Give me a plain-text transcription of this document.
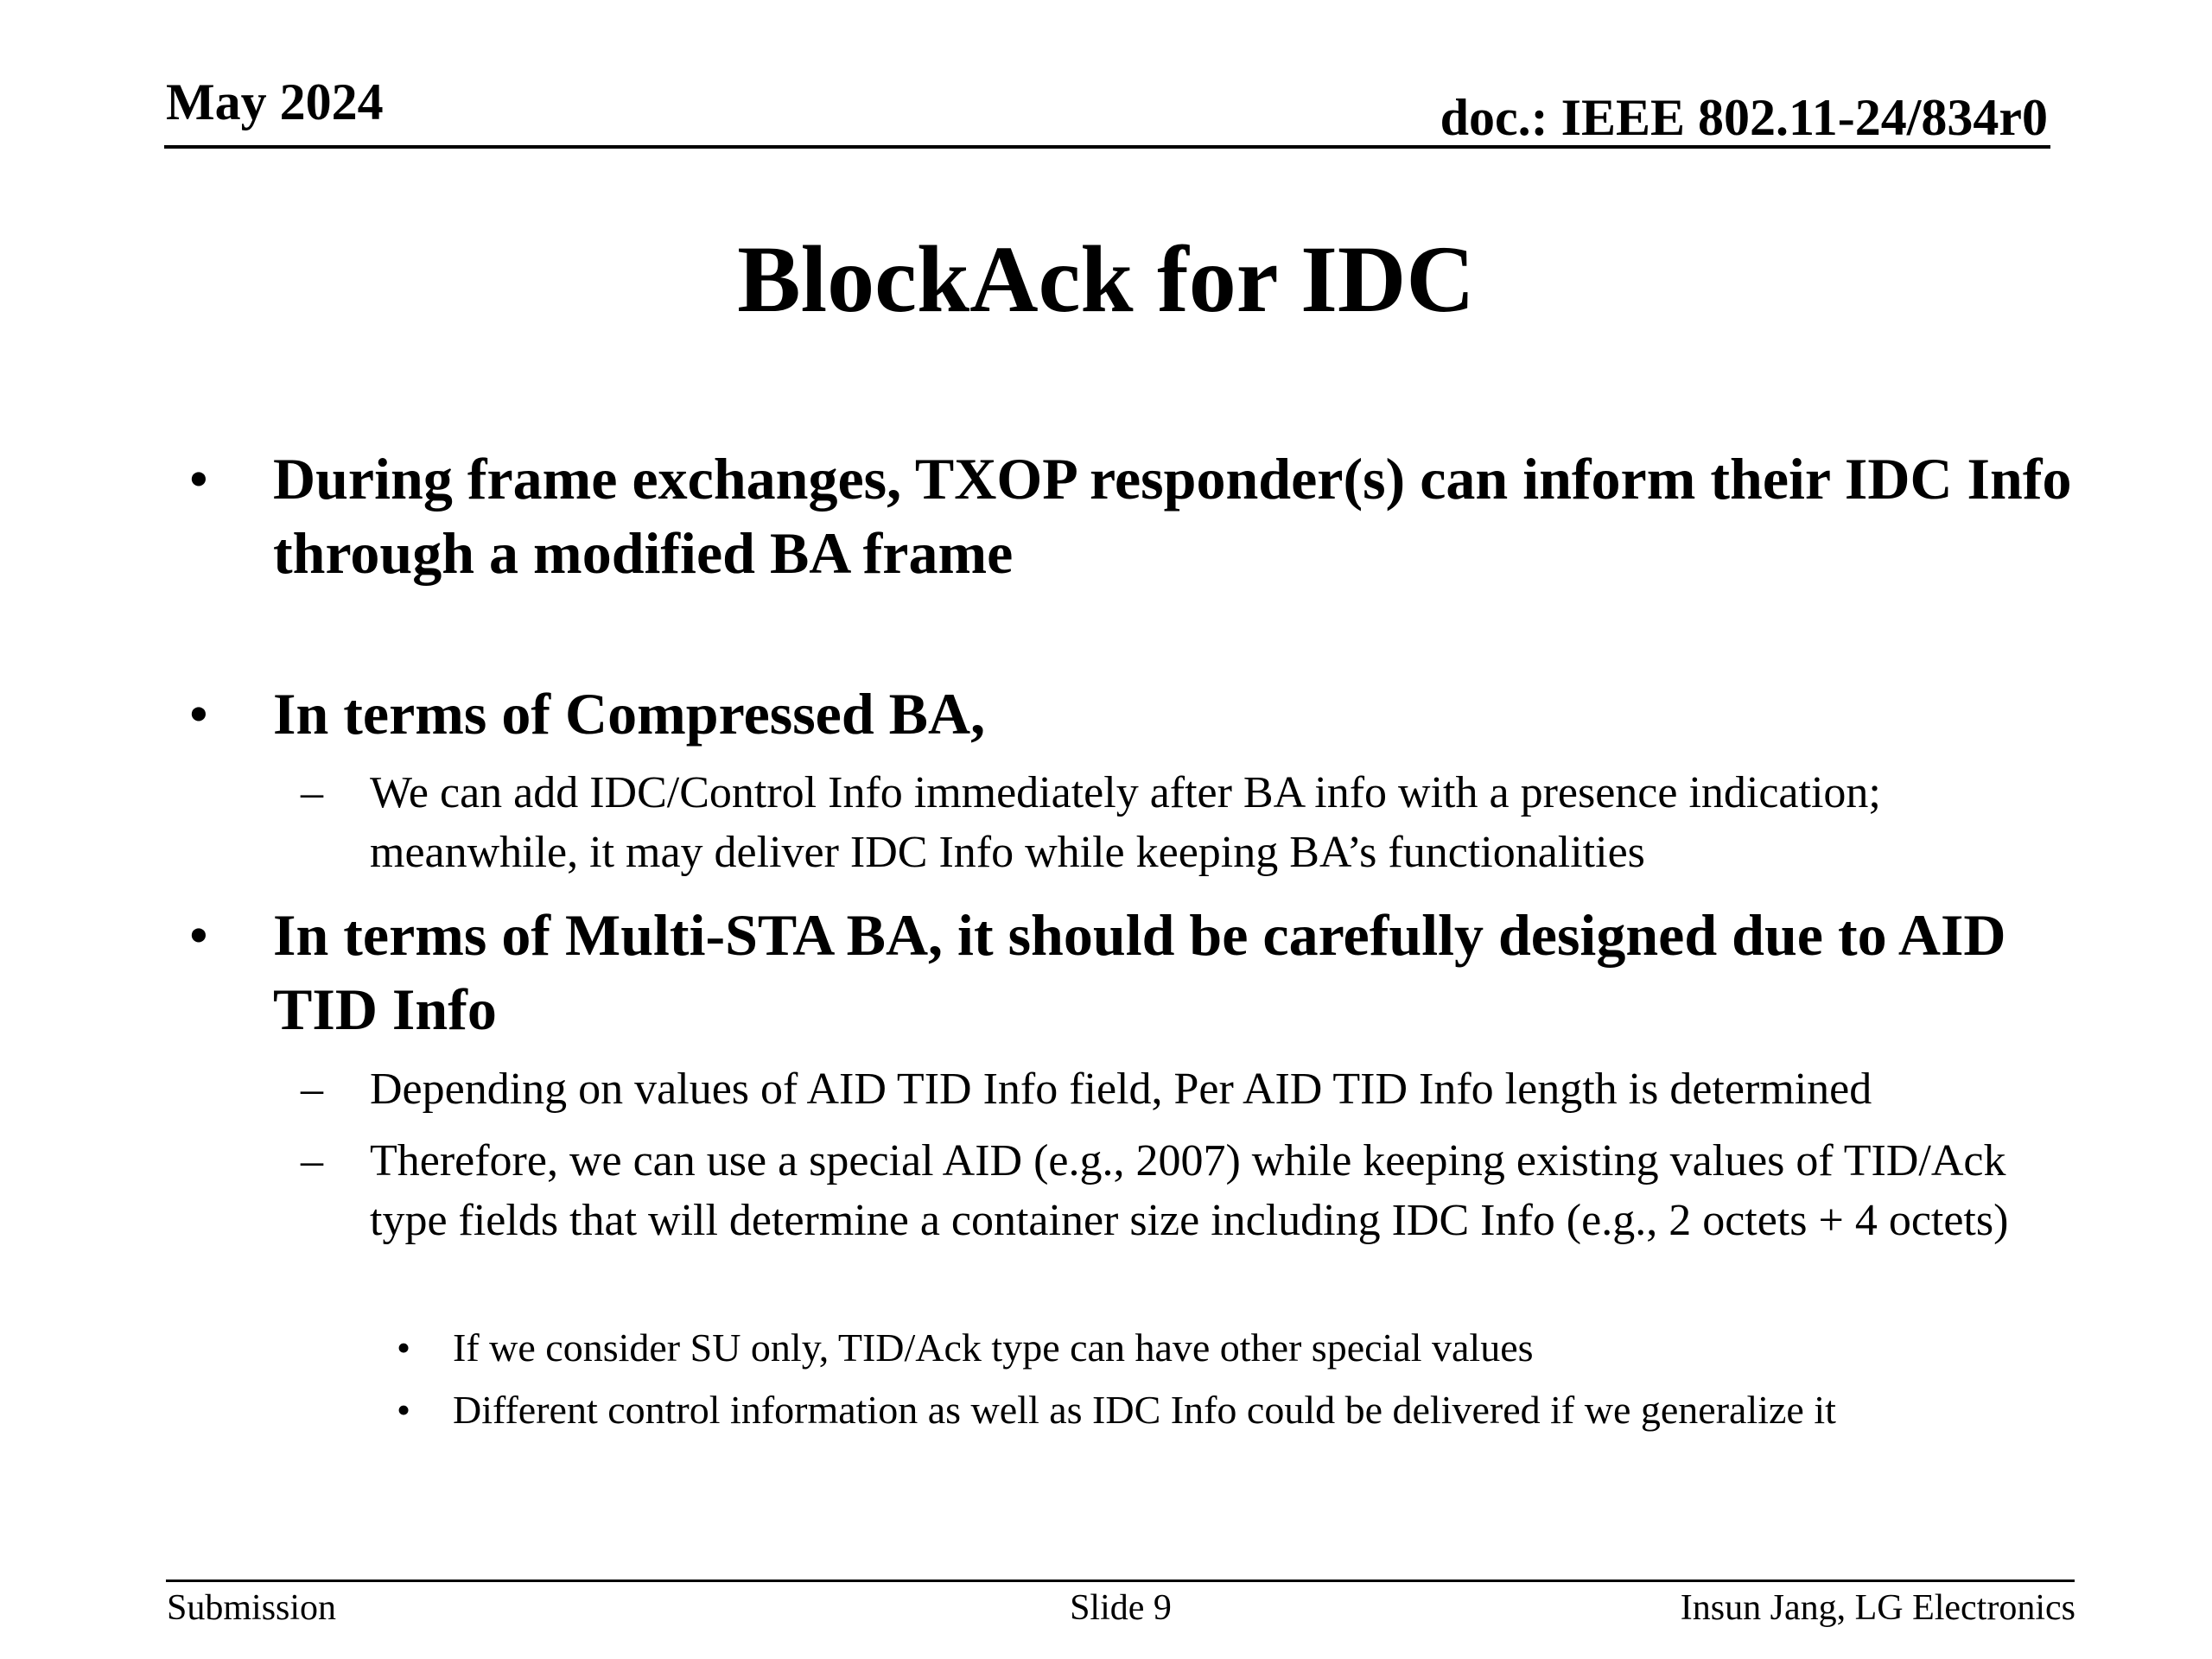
May 2024	doc.: IEEE 802.11-24/834r0
BlockAck for IDC
• During frame exchanges, TXOP responder(s) can inform their IDC Info through a modified BA frame
• In terms of Compressed BA,
– We can add IDC/Control Info immediately after BA info with a presence indication; meanwhile, it may deliver IDC Info while keeping BA’s functionalities
• In terms of Multi-STA BA, it should be carefully designed due to AID TID Info
– Depending on values of AID TID Info field, Per AID TID Info length is determined
– Therefore, we can use a special AID (e.g., 2007) while keeping existing values of TID/Ack type fields that will determine a container size including IDC Info (e.g., 2 octets + 4 octets)
• If we consider SU only, TID/Ack type can have other special values
• Different control information as well as IDC Info could be delivered if we generalize it
Submission	Slide 9	Insun Jang, LG Electronics
